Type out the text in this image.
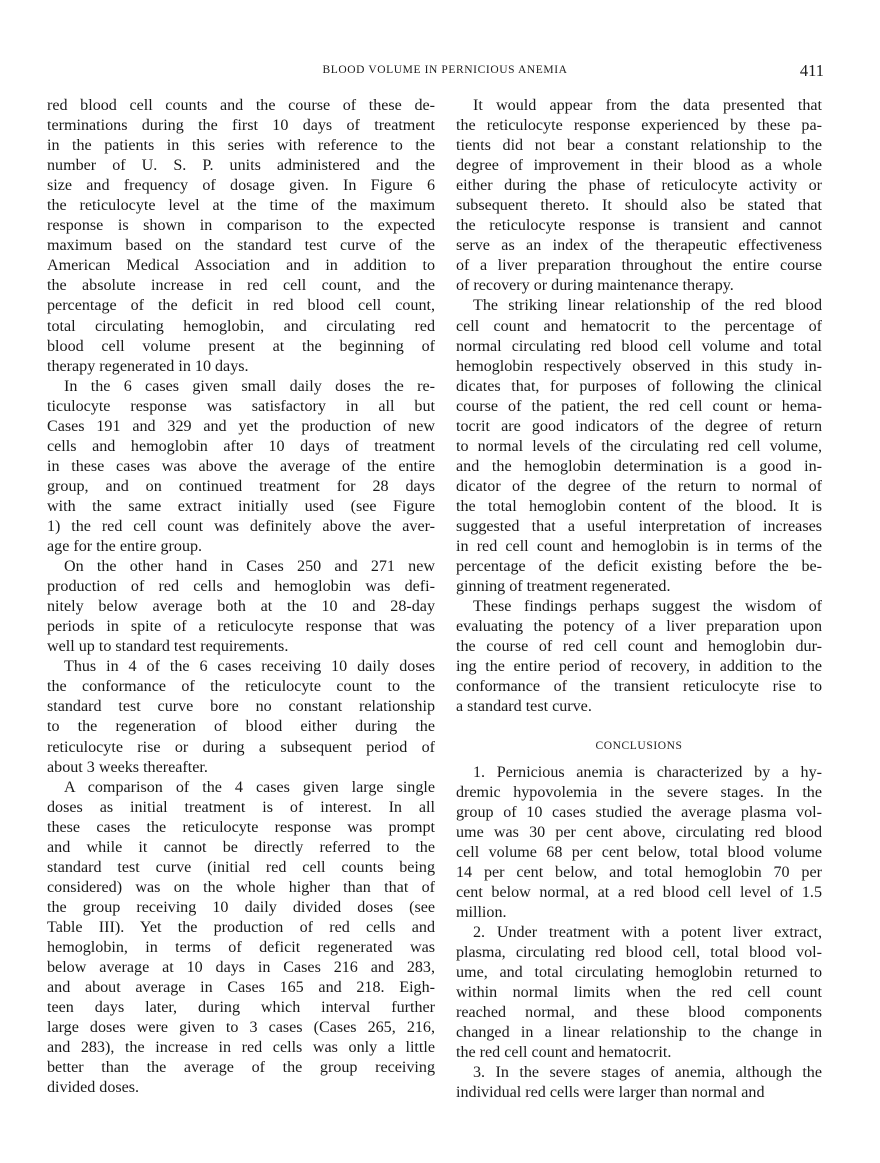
BLOOD VOLUME IN PERNICIOUS ANEMIA	411
red blood cell counts and the course of these de-
terminations during the first 10 days of treatment
in the patients in this series with reference to the
number of U. S. P. units administered and the
size and frequency of dosage given. In Figure 6
the reticulocyte level at the time of the maximum
response is shown in comparison to the expected
maximum based on the standard test curve of the
American Medical Association and in addition to
the absolute increase in red cell count, and the
percentage of the deficit in red blood cell count,
total circulating hemoglobin, and circulating red
blood cell volume present at the beginning of
therapy regenerated in 10 days.
In the 6 cases given small daily doses the re-
ticulocyte response was satisfactory in all but
Cases 191 and 329 and yet the production of new
cells and hemoglobin after 10 days of treatment
in these cases was above the average of the entire
group, and on continued treatment for 28 days
with the same extract initially used (see Figure
1) the red cell count was definitely above the aver-
age for the entire group.
On the other hand in Cases 250 and 271 new
production of red cells and hemoglobin was defi-
nitely below average both at the 10 and 28-day
periods in spite of a reticulocyte response that was
well up to standard test requirements.
Thus in 4 of the 6 cases receiving 10 daily doses
the conformance of the reticulocyte count to the
standard test curve bore no constant relationship
to the regeneration of blood either during the
reticulocyte rise or during a subsequent period of
about 3 weeks thereafter.
A comparison of the 4 cases given large single
doses as initial treatment is of interest. In all
these cases the reticulocyte response was prompt
and while it cannot be directly referred to the
standard test curve (initial red cell counts being
considered) was on the whole higher than that of
the group receiving 10 daily divided doses (see
Table III). Yet the production of red cells and
hemoglobin, in terms of deficit regenerated was
below average at 10 days in Cases 216 and 283,
and about average in Cases 165 and 218. Eigh-
teen days later, during which interval further
large doses were given to 3 cases (Cases 265, 216,
and 283), the increase in red cells was only a little
better than the average of the group receiving
divided doses.
It would appear from the data presented that
the reticulocyte response experienced by these pa-
tients did not bear a constant relationship to the
degree of improvement in their blood as a whole
either during the phase of reticulocyte activity or
subsequent thereto. It should also be stated that
the reticulocyte response is transient and cannot
serve as an index of the therapeutic effectiveness
of a liver preparation throughout the entire course
of recovery or during maintenance therapy.
The striking linear relationship of the red blood
cell count and hematocrit to the percentage of
normal circulating red blood cell volume and total
hemoglobin respectively observed in this study in-
dicates that, for purposes of following the clinical
course of the patient, the red cell count or hema-
tocrit are good indicators of the degree of return
to normal levels of the circulating red cell volume,
and the hemoglobin determination is a good in-
dicator of the degree of the return to normal of
the total hemoglobin content of the blood. It is
suggested that a useful interpretation of increases
in red cell count and hemoglobin is in terms of the
percentage of the deficit existing before the be-
ginning of treatment regenerated.
These findings perhaps suggest the wisdom of
evaluating the potency of a liver preparation upon
the course of red cell count and hemoglobin dur-
ing the entire period of recovery, in addition to the
conformance of the transient reticulocyte rise to
a standard test curve.
CONCLUSIONS
1. Pernicious anemia is characterized by a hy-
dremic hypovolemia in the severe stages. In the
group of 10 cases studied the average plasma vol-
ume was 30 per cent above, circulating red blood
cell volume 68 per cent below, total blood volume
14 per cent below, and total hemoglobin 70 per
cent below normal, at a red blood cell level of 1.5
million.
2. Under treatment with a potent liver extract,
plasma, circulating red blood cell, total blood vol-
ume, and total circulating hemoglobin returned to
within normal limits when the red cell count
reached normal, and these blood components
changed in a linear relationship to the change in
the red cell count and hematocrit.
3. In the severe stages of anemia, although the
individual red cells were larger than normal and
